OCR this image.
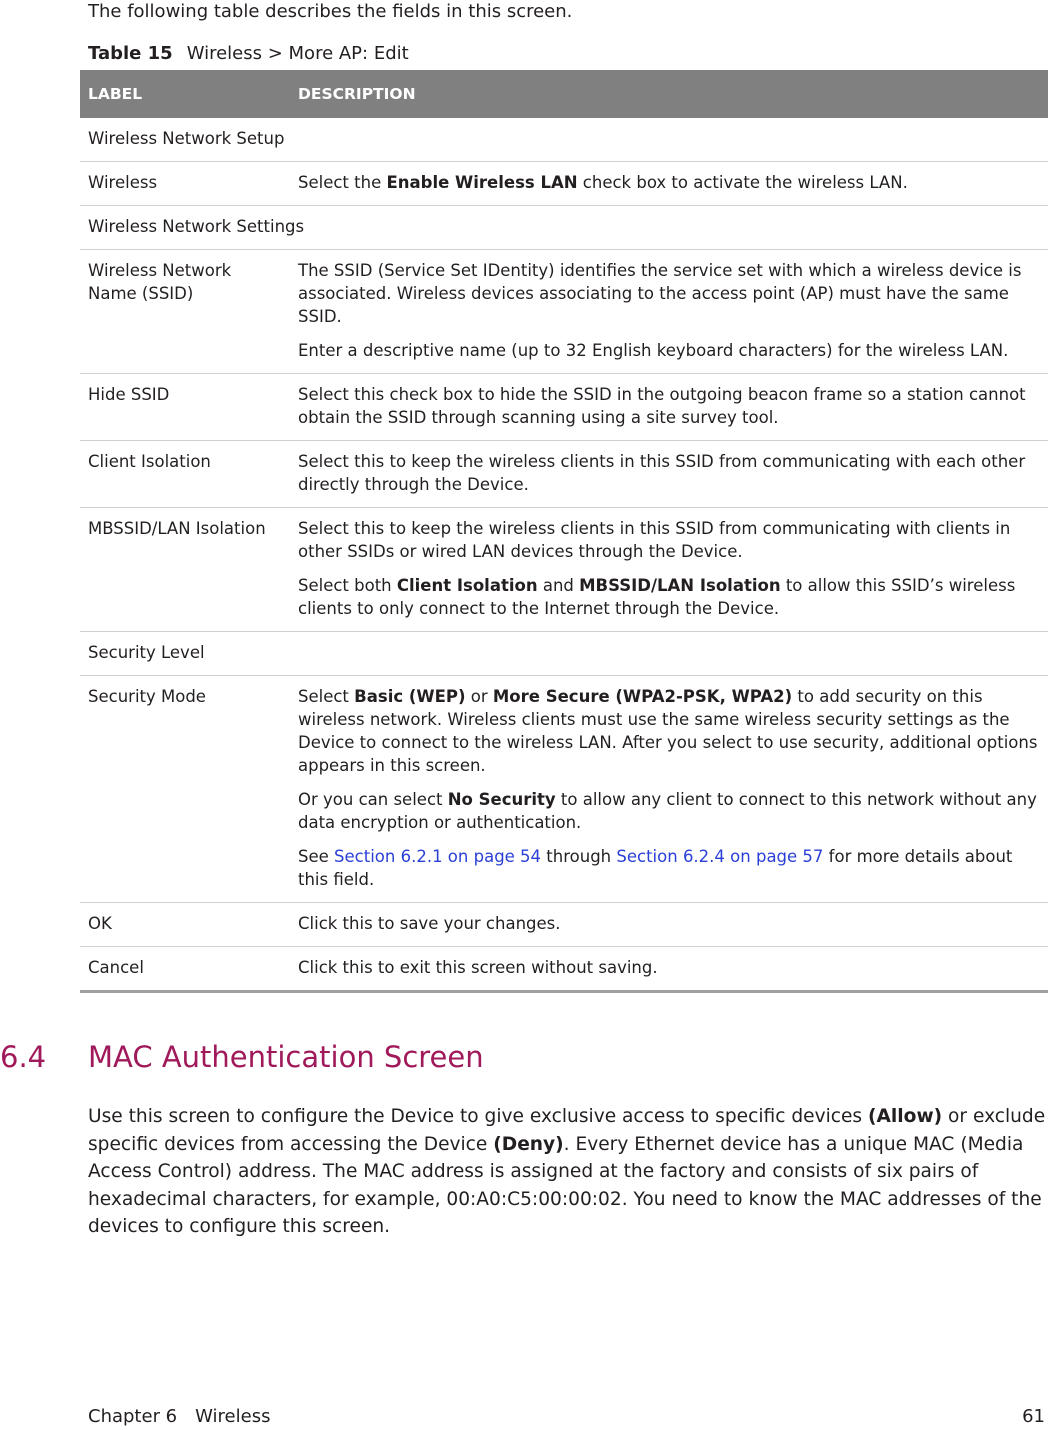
The following table describes the fields in this screen.
Table 15 Wireless > More AP: Edit
LABEL	DESCRIPTION
Wireless Network Setup	
Wireless	Select the Enable Wireless LAN check box to activate the wireless LAN.
Wireless Network Settings	
Wireless Network Name (SSID)	The SSID (Service Set IDentity) identifies the service set with which a wireless device is associated. Wireless devices associating to the access point (AP) must have the same SSID.

Enter a descriptive name (up to 32 English keyboard characters) for the wireless LAN.

Hide SSID	Select this check box to hide the SSID in the outgoing beacon frame so a station cannot obtain the SSID through scanning using a site survey tool.
Client Isolation	Select this to keep the wireless clients in this SSID from communicating with each other directly through the Device.
MBSSID/LAN Isolation	Select this to keep the wireless clients in this SSID from communicating with clients in other SSIDs or wired LAN devices through the Device.

Select both Client Isolation and MBSSID/LAN Isolation to allow this SSID’s wireless clients to only connect to the Internet through the Device.

Security Level	
Security Mode	Select Basic (WEP) or More Secure (WPA2-PSK, WPA2) to add security on this wireless network. Wireless clients must use the same wireless security settings as the Device to connect to the wireless LAN. After you select to use security, additional options appears in this screen.

Or you can select No Security to allow any client to connect to this network without any data encryption or authentication.

See Section 6.2.1 on page 54 through Section 6.2.4 on page 57 for more details about this field.

OK	Click this to save your changes.
Cancel	Click this to exit this screen without saving.
6.4 MAC Authentication Screen
Use this screen to configure the Device to give exclusive access to specific devices (Allow) or exclude specific devices from accessing the Device (Deny). Every Ethernet device has a unique MAC (Media Access Control) address. The MAC address is assigned at the factory and consists of six pairs of hexadecimal characters, for example, 00:A0:C5:00:00:02. You need to know the MAC addresses of the devices to configure this screen.
Chapter 6 Wireless	61
